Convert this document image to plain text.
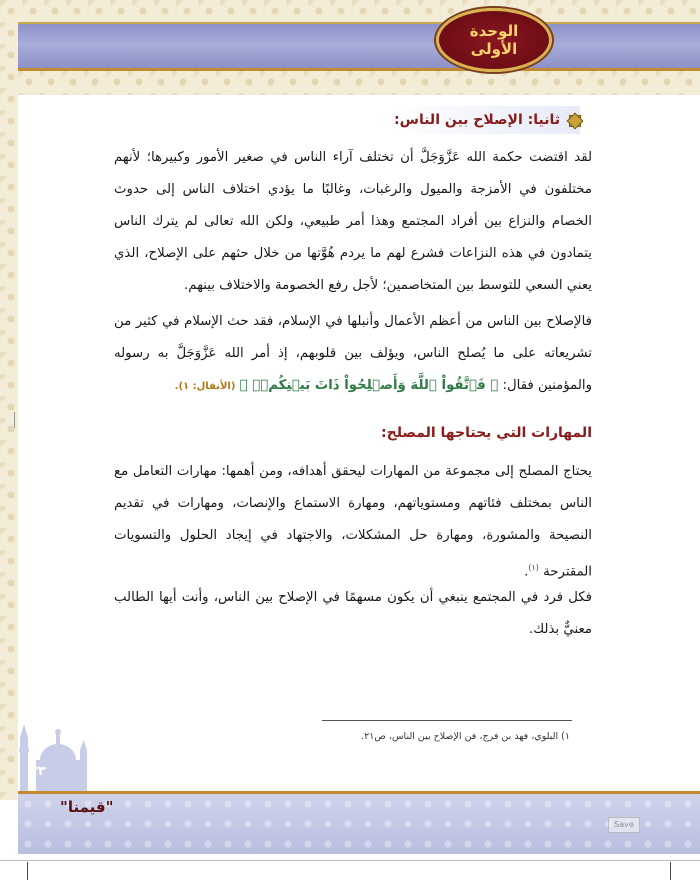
الوحدة
الأولى
ثانيا: الإصلاح بين الناس:
لقد اقتضت حكمة الله عَزَّوَجَلَّ أن تختلف آراء الناس في صغير الأمور وكبيرها؛ لأنهم مختلفون في الأمزجة والميول والرغبات، وغالبًا ما يؤدي اختلاف الناس إلى حدوث الخصام والنزاع بين أفراد المجتمع وهذا أمر طبيعي، ولكن الله تعالى لم يترك الناس يتمادون في هذه النزاعات فشرع لهم ما يردم هُوَّتها من خلال حثهم على الإصلاح، الذي يعني السعي للتوسط بين المتخاصمين؛ لأجل رفع الخصومة والاختلاف بينهم.
فالإصلاح بين الناس من أعظم الأعمال وأنبلها في الإسلام، فقد حث الإسلام في كثير من تشريعاته على ما يُصلح الناس، ويؤلف بين قلوبهم، إذ أمر الله عَزَّوَجَلَّ به رسوله والمؤمنين فقال: ﴿ فَٱتَّقُواْ ٱللَّهَ وَأَصۡلِحُواْ ذَاتَ بَيۡنِكُمۡۖ ﴾ (الأنفال: ١).
المهارات التي يحتاجها المصلح:
يحتاج المصلح إلى مجموعة من المهارات ليحقق أهدافه، ومن أهمها: مهارات التعامل مع الناس بمختلف فئاتهم ومستوياتهم، ومهارة الاستماع والإنصات، ومهارات في تقديم النصيحة والمشورة، ومهارة حل المشكلات، والاجتهاد في إيجاد الحلول والتسويات المقترحة $^{(١)}$.
فكل فرد في المجتمع ينبغي أن يكون مسهمًا في الإصلاح بين الناس، وأنت أيها الطالب معنيٌّ بذلك.
١) البلوي، فهد بن فرج، فن الإصلاح بين الناس، ص٢١.
٣٣
"قيمنا"
Save
